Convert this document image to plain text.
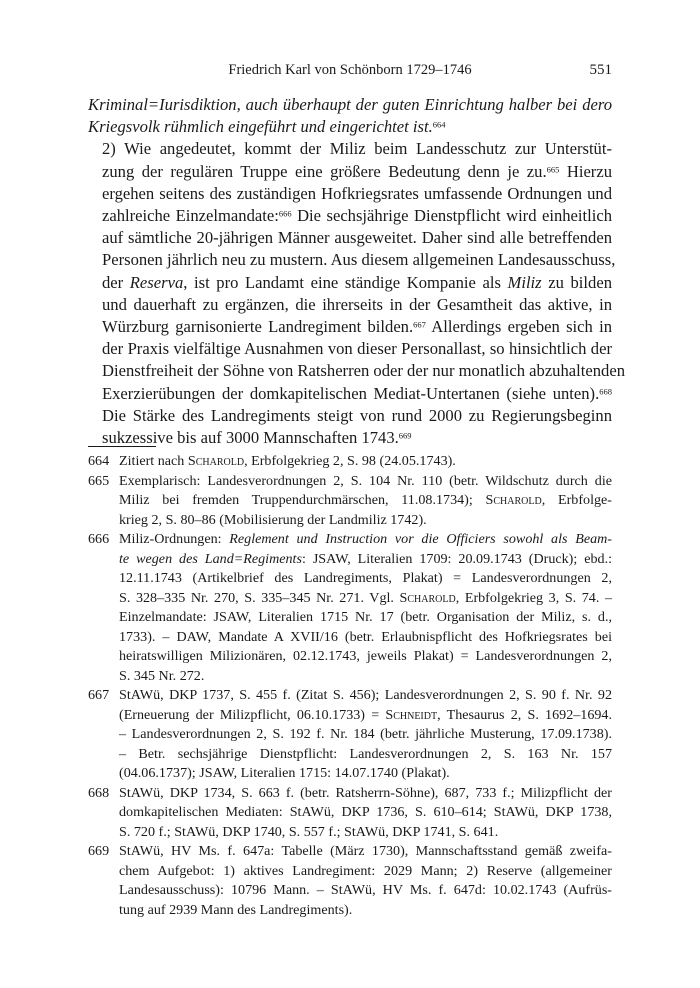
Friedrich Karl von Schönborn 1729–1746	551

Kriminal=Iurisdiktion, auch überhaupt der guten Einrichtung halber bei dero
Kriegsvolk rühmlich eingeführt und eingerichtet ist.$^{664}$

2) Wie angedeutet, kommt der Miliz beim Landesschutz zur Unterstüt-
zung der regulären Truppe eine größere Bedeutung denn je zu.$^{665}$ Hierzu
ergehen seitens des zuständigen Hofkriegsrates umfassende Ordnungen und
zahlreiche Einzelmandate:$^{666}$ Die sechsjährige Dienstpflicht wird einheitlich
auf sämtliche 20-jährigen Männer ausgeweitet. Daher sind alle betreffenden
Personen jährlich neu zu mustern. Aus diesem allgemeinen Landesausschuss,
der Reserva, ist pro Landamt eine ständige Kompanie als Miliz zu bilden
und dauerhaft zu ergänzen, die ihrerseits in der Gesamtheit das aktive, in
Würzburg garnisonierte Landregiment bilden.$^{667}$ Allerdings ergeben sich in
der Praxis vielfältige Ausnahmen von dieser Personallast, so hinsichtlich der
Dienstfreiheit der Söhne von Ratsherren oder der nur monatlich abzuhaltenden
Exerzierübungen der domkapitelischen Mediat-Untertanen (siehe unten).$^{668}$
Die Stärke des Landregiments steigt von rund 2000 zu Regierungsbeginn
sukzessive bis auf 3000 Mannschaften 1743.$^{669}$

664 Zitiert nach Scharold, Erbfolgekrieg 2, S. 98 (24.05.1743).
665 Exemplarisch: Landesverordnungen 2, S. 104 Nr. 110 (betr. Wildschutz durch die
Miliz bei fremden Truppendurchmärschen, 11.08.1734); Scharold, Erbfolge-
krieg 2, S. 80–86 (Mobilisierung der Landmiliz 1742).
666 Miliz-Ordnungen: Reglement und Instruction vor die Officiers sowohl als Beam-
te wegen des Land=Regiments: JSAW, Literalien 1709: 20.09.1743 (Druck); ebd.:
12.11.1743 (Artikelbrief des Landregiments, Plakat) = Landesverordnungen 2,
S. 328–335 Nr. 270, S. 335–345 Nr. 271. Vgl. Scharold, Erbfolgekrieg 3, S. 74. –
Einzelmandate: JSAW, Literalien 1715 Nr. 17 (betr. Organisation der Miliz, s. d.,
1733). – DAW, Mandate A XVII/16 (betr. Erlaubnispflicht des Hofkriegsrates bei
heiratswilligen Milizionären, 02.12.1743, jeweils Plakat) = Landesverordnungen 2,
S. 345 Nr. 272.
667 StAWü, DKP 1737, S. 455 f. (Zitat S. 456); Landesverordnungen 2, S. 90 f. Nr. 92
(Erneuerung der Milizpflicht, 06.10.1733) = Schneidt, Thesaurus 2, S. 1692–1694.
– Landesverordnungen 2, S. 192 f. Nr. 184 (betr. jährliche Musterung, 17.09.1738).
– Betr. sechsjährige Dienstpflicht: Landesverordnungen 2, S. 163 Nr. 157
(04.06.1737); JSAW, Literalien 1715: 14.07.1740 (Plakat).
668 StAWü, DKP 1734, S. 663 f. (betr. Ratsherrn-Söhne), 687, 733 f.; Milizpflicht der
domkapitelischen Mediaten: StAWü, DKP 1736, S. 610–614; StAWü, DKP 1738,
S. 720 f.; StAWü, DKP 1740, S. 557 f.; StAWü, DKP 1741, S. 641.
669 StAWü, HV Ms. f. 647a: Tabelle (März 1730), Mannschaftsstand gemäß zweifa-
chem Aufgebot: 1) aktives Landregiment: 2029 Mann; 2) Reserve (allgemeiner
Landesausschuss): 10796 Mann. – StAWü, HV Ms. f. 647d: 10.02.1743 (Aufrüs-
tung auf 2939 Mann des Landregiments).
